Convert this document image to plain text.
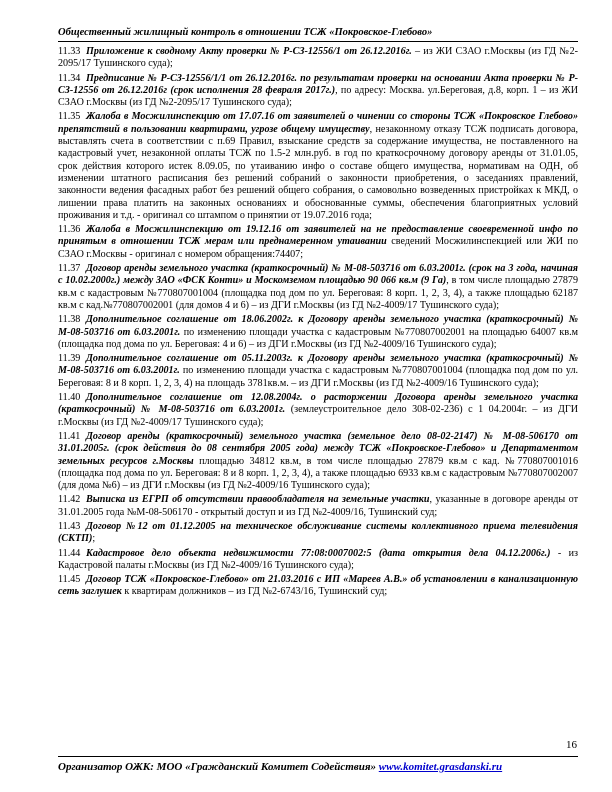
Общественный жилищный контроль в отношении ТСЖ «Покровское-Глебово»
11.33 Приложение к сводному Акту проверки № Р-СЗ-12556/1 от 26.12.2016г. – из ЖИ СЗАО г.Москвы (из ГД №2-2095/17 Тушинского суда);
11.34 Предписание № Р-СЗ-12556/1/1 от 26.12.2016г. по результатам проверки на основании Акта проверки № Р-СЗ-12556 от 26.12.2016г (срок исполнения 28 февраля 2017г.), по адресу: Москва. ул.Береговая, д.8, корп. 1 – из ЖИ СЗАО г.Москвы (из ГД №2-2095/17 Тушинского суда);
11.35 Жалоба в Мосжилинспекцию от 17.07.16 от заявителей о чинении со стороны ТСЖ «Покровское Глебово» препятствий в пользовании квартирами, угрозе общему имуществу, незаконному отказу ТСЖ подписать договора, выставлять счета в соответствии с п.69 Правил, взыскание средств за содержание имущества, не поставленного на кадастровый учет, незаконной оплаты ТСЖ по 1.5-2 млн.руб. в год по краткосрочному договору аренды от 31.01.05, срок действия которого истек 8.09.05, по утаиванию инфо о составе общего имущества, нормативам на ОДН, об изменении штатного расписания без решений собраний о законности приобретения, о заседаниях правлений, законности ведения фасадных работ без решений общего собрания, о самовольно возведенных пристройках к МКД, о лишении права платить на законных основаниях и обоснованные суммы, обеспечения благоприятных условий проживания и т.д. - оригинал со штампом о принятии от 19.07.2016 года;
11.36 Жалоба в Мосжилинспекцию от 19.12.16 от заявителей на не предоставление своевременной инфо по принятым в отношении ТСЖ мерам или преднамеренном утаивании сведений Мосжилинспекцией или ЖИ по СЗАО г.Москвы - оригинал с номером обращения:74407;
11.37 Договор аренды земельного участка (краткосрочный) № М-08-503716 от 6.03.2001г. (срок на 3 года, начиная с 10.02.2000г.) между ЗАО «ФСК Конти» и Москомземом площадью 90 066 кв.м (9 Га), в том числе площадью 27879 кв.м с кадастровым №770807001004 (площадка под дом по ул. Береговая: 8 корп. 1, 2, 3, 4), а также площадью 62187 кв.м с кад.№770807002001 (для домов 4 и 6) – из ДГИ г.Москвы (из ГД №2-4009/17 Тушинского суда);
11.38 Дополнительное соглашение от 18.06.2002г. к Договору аренды земельного участка (краткосрочный) № М-08-503716 от 6.03.2001г. по изменению площади участка с кадастровым №770807002001 на площадью 64007 кв.м (площадка под дома по ул. Береговая: 4 и 6) – из ДГИ г.Москвы (из ГД №2-4009/16 Тушинского суда);
11.39 Дополнительное соглашение от 05.11.2003г. к Договору аренды земельного участка (краткосрочный) № М-08-503716 от 6.03.2001г. по изменению площади участка с кадастровым №770807001004 (площадка под дом по ул. Береговая: 8 и 8 корп. 1, 2, 3, 4) на площадь 3781кв.м. – из ДГИ г.Москвы (из ГД №2-4009/16 Тушинского суда);
11.40 Дополнительное соглашение от 12.08.2004г. о расторжении Договора аренды земельного участка (краткосрочный) № М-08-503716 от 6.03.2001г. (землеустроительное дело 308-02-236) с 1 04.2004г. – из ДГИ г.Москвы (из ГД №2-4009/17 Тушинского суда);
11.41 Договор аренды (краткосрочный) земельного участка (земельное дело 08-02-2147) № М-08-506170 от 31.01.2005г. (срок действия до 08 сентября 2005 года) между ТСЖ «Покровское-Глебово» и Департаментом земельных ресурсов г.Москвы площадью 34812 кв.м, в том числе площадью 27879 кв.м с кад. №770807001016 (площадка под дома по ул. Береговая: 8 и 8 корп. 1, 2, 3, 4), а также площадью 6933 кв.м с кадастровым №770807002007 (для дома №6) – из ДГИ г.Москвы (из ГД №2-4009/16 Тушинского суда);
11.42 Выписка из ЕГРП об отсутствии правообладателя на земельные участки, указанные в договоре аренды от 31.01.2005 года №М-08-506170 - открытый доступ и из ГД №2-4009/16, Тушинский суд;
11.43 Договор №12 от 01.12.2005 на техническое обслуживание системы коллективного приема телевидения (СКТП);
11.44 Кадастровое дело объекта недвижимости 77:08:0007002:5 (дата открытия дела 04.12.2006г.) - из Кадастровой палаты г.Москвы (из ГД №2-4009/16 Тушинского суда);
11.45 Договор ТСЖ «Покровское-Глебово» от 21.03.2016 с ИП «Мареев А.В.» об установлении в канализационную сеть заглушек к квартирам должников – из ГД №2-6743/16, Тушинский суд;
16
Организатор ОЖК: МОО «Гражданский Комитет Содействия» www.komitet.grasdanski.ru
